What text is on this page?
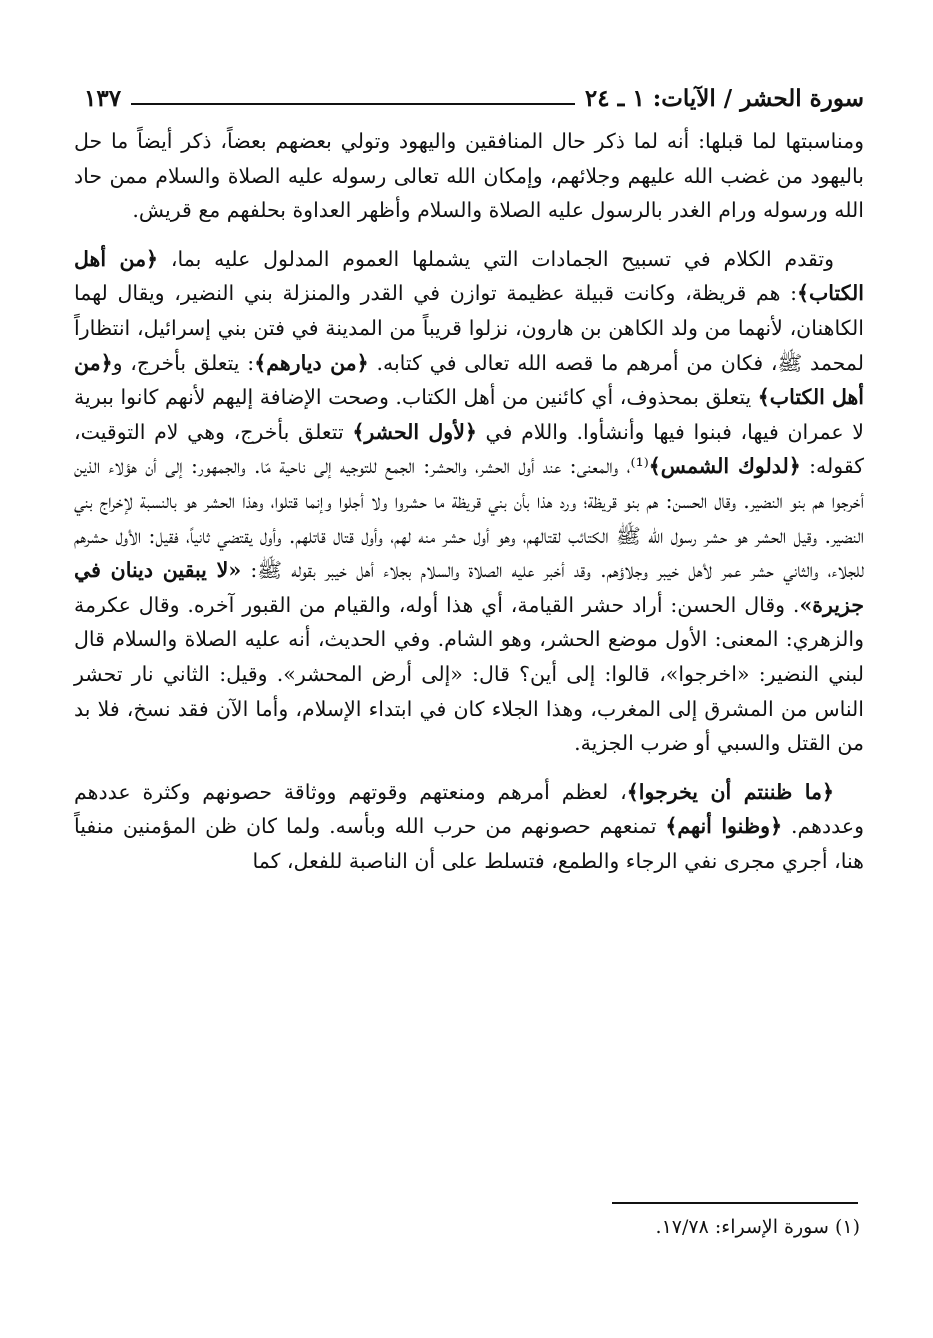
سورة الحشر / الآيات: ١ ـ ٢٤
١٣٧

ومناسبتها لما قبلها: أنه لما ذكر حال المنافقين واليهود وتولي بعضهم بعضاً، ذكر أيضاً ما حل باليهود من غضب الله عليهم وجلائهم، وإمكان الله تعالى رسوله عليه الصلاة والسلام ممن حاد الله ورسوله ورام الغدر بالرسول عليه الصلاة والسلام وأظهر العداوة بحلفهم مع قريش.

وتقدم الكلام في تسبيح الجمادات التي يشملها العموم المدلول عليه بما، ﴿من أهل الكتاب﴾: هم قريظة، وكانت قبيلة عظيمة توازن في القدر والمنزلة بني النضير، ويقال لهما الكاهنان، لأنهما من ولد الكاهن بن هارون، نزلوا قريباً من المدينة في فتن بني إسرائيل، انتظاراً لمحمد ﷺ، فكان من أمرهم ما قصه الله تعالى في كتابه. ﴿من ديارهم﴾: يتعلق بأخرج، و﴿من أهل الكتاب﴾ يتعلق بمحذوف، أي كائنين من أهل الكتاب. وصحت الإضافة إليهم لأنهم كانوا ببرية لا عمران فيها، فبنوا فيها وأنشأوا. واللام في ﴿لأول الحشر﴾ تتعلق بأخرج، وهي لام التوقيت، كقوله: ﴿لدلوك الشمس﴾⁽¹⁾، والمعنى: عند أول الحشر، والحشر: الجمع للتوجيه إلى ناحية مّا. والجمهور: إلى أن هؤلاء الذين أخرجوا هم بنو النضير. وقال الحسن: هم بنو قريظة؛ ورد هذا بأن بني قريظة ما حشروا ولا أجلوا وإنما قتلوا، وهذا الحشر هو بالنسبة لإخراج بني النضير. وقيل الحشر هو حشر رسول الله ﷺ الكتائب لقتالهم، وهو أول حشر منه لهم، وأول قتال قاتلهم. وأول يقتضي ثانياً، فقيل: الأول حشرهم للجلاء، والثاني حشر عمر لأهل خيبر وجلاؤهم. وقد أخبر عليه الصلاة والسلام بجلاء أهل خيبر بقوله ﷺ: «لا يبقين دينان في جزيرة». وقال الحسن: أراد حشر القيامة، أي هذا أوله، والقيام من القبور آخره. وقال عكرمة والزهري: المعنى: الأول موضع الحشر، وهو الشام. وفي الحديث، أنه عليه الصلاة والسلام قال لبني النضير: «اخرجوا»، قالوا: إلى أين؟ قال: «إلى أرض المحشر». وقيل: الثاني نار تحشر الناس من المشرق إلى المغرب، وهذا الجلاء كان في ابتداء الإسلام، وأما الآن فقد نسخ، فلا بد من القتل والسبي أو ضرب الجزية.

﴿ما ظننتم أن يخرجوا﴾، لعظم أمرهم ومنعتهم وقوتهم ووثاقة حصونهم وكثرة عددهم وعددهم. ﴿وظنوا أنهم﴾ تمنعهم حصونهم من حرب الله وبأسه. ولما كان ظن المؤمنين منفياً هنا، أجري مجرى نفي الرجاء والطمع، فتسلط على أن الناصبة للفعل، كما

(١) سورة الإسراء: ١٧/٧٨.
